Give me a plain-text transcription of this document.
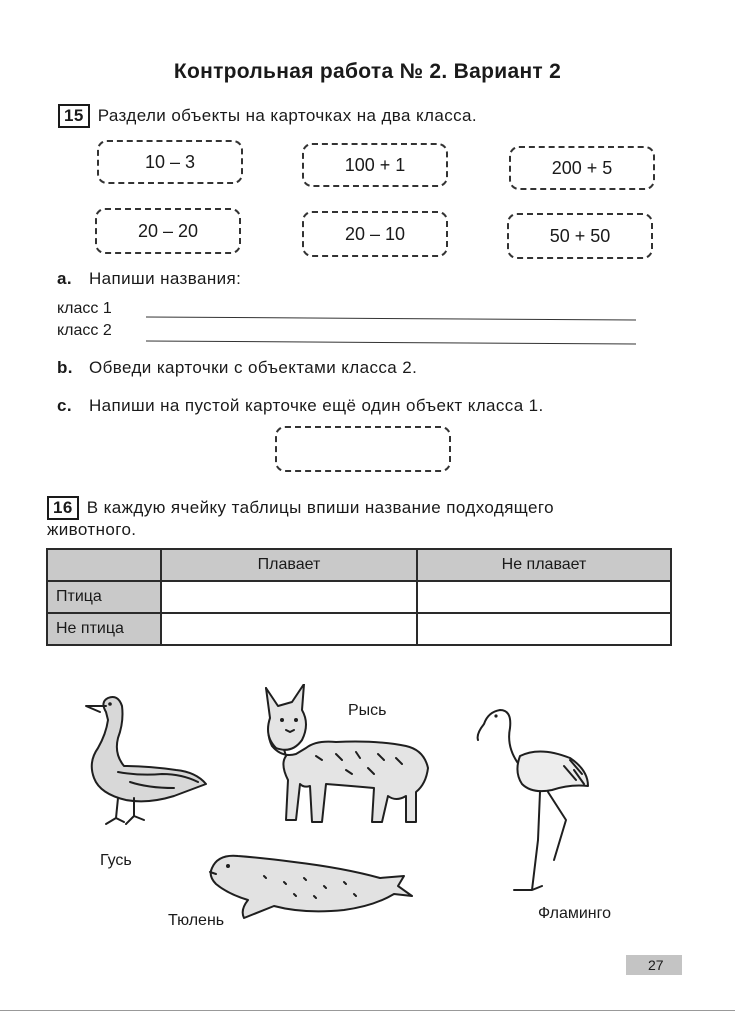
Контрольная работа № 2. Вариант 2
15 Раздели объекты на карточках на два класса.
10 – 3	100 + 1	200 + 5
20 – 20	20 – 10	50 + 50
a. Напиши названия:
класс 1
класс 2
b. Обведи карточки с объектами класса 2.
c. Напиши на пустой карточке ещё один объект класса 1.
16 В каждую ячейку таблицы впиши название подходящего
животного.
	Плавает	Не плавает
Птица		
Не птица		
Гусь
Рысь
Фламинго
Тюлень
27
